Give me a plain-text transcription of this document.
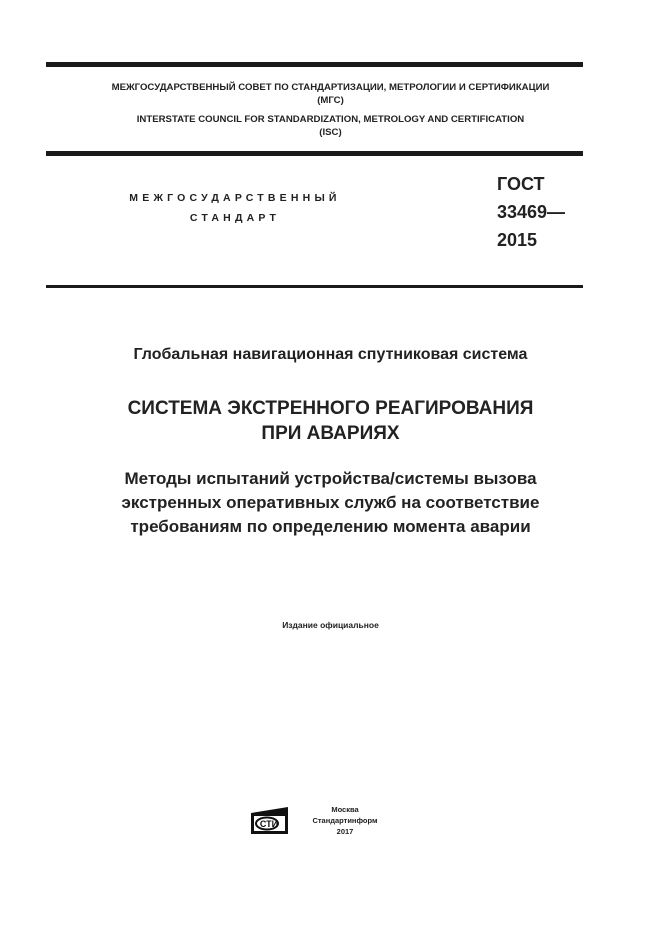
МЕЖГОСУДАРСТВЕННЫЙ СОВЕТ ПО СТАНДАРТИЗАЦИИ, МЕТРОЛОГИИ И СЕРТИФИКАЦИИ
(МГС)
INTERSTATE COUNCIL FOR STANDARDIZATION, METROLOGY AND CERTIFICATION
(ISC)
МЕЖГОСУДАРСТВЕННЫЙ
СТАНДАРТ
ГОСТ
33469—
2015
Глобальная навигационная спутниковая система
СИСТЕМА ЭКСТРЕННОГО РЕАГИРОВАНИЯ
ПРИ АВАРИЯХ
Методы испытаний устройства/системы вызова
экстренных оперативных служб на соответствие
требованиям по определению момента аварии
Издание официальное
СТИ
Москва
Стандартинформ
2017
